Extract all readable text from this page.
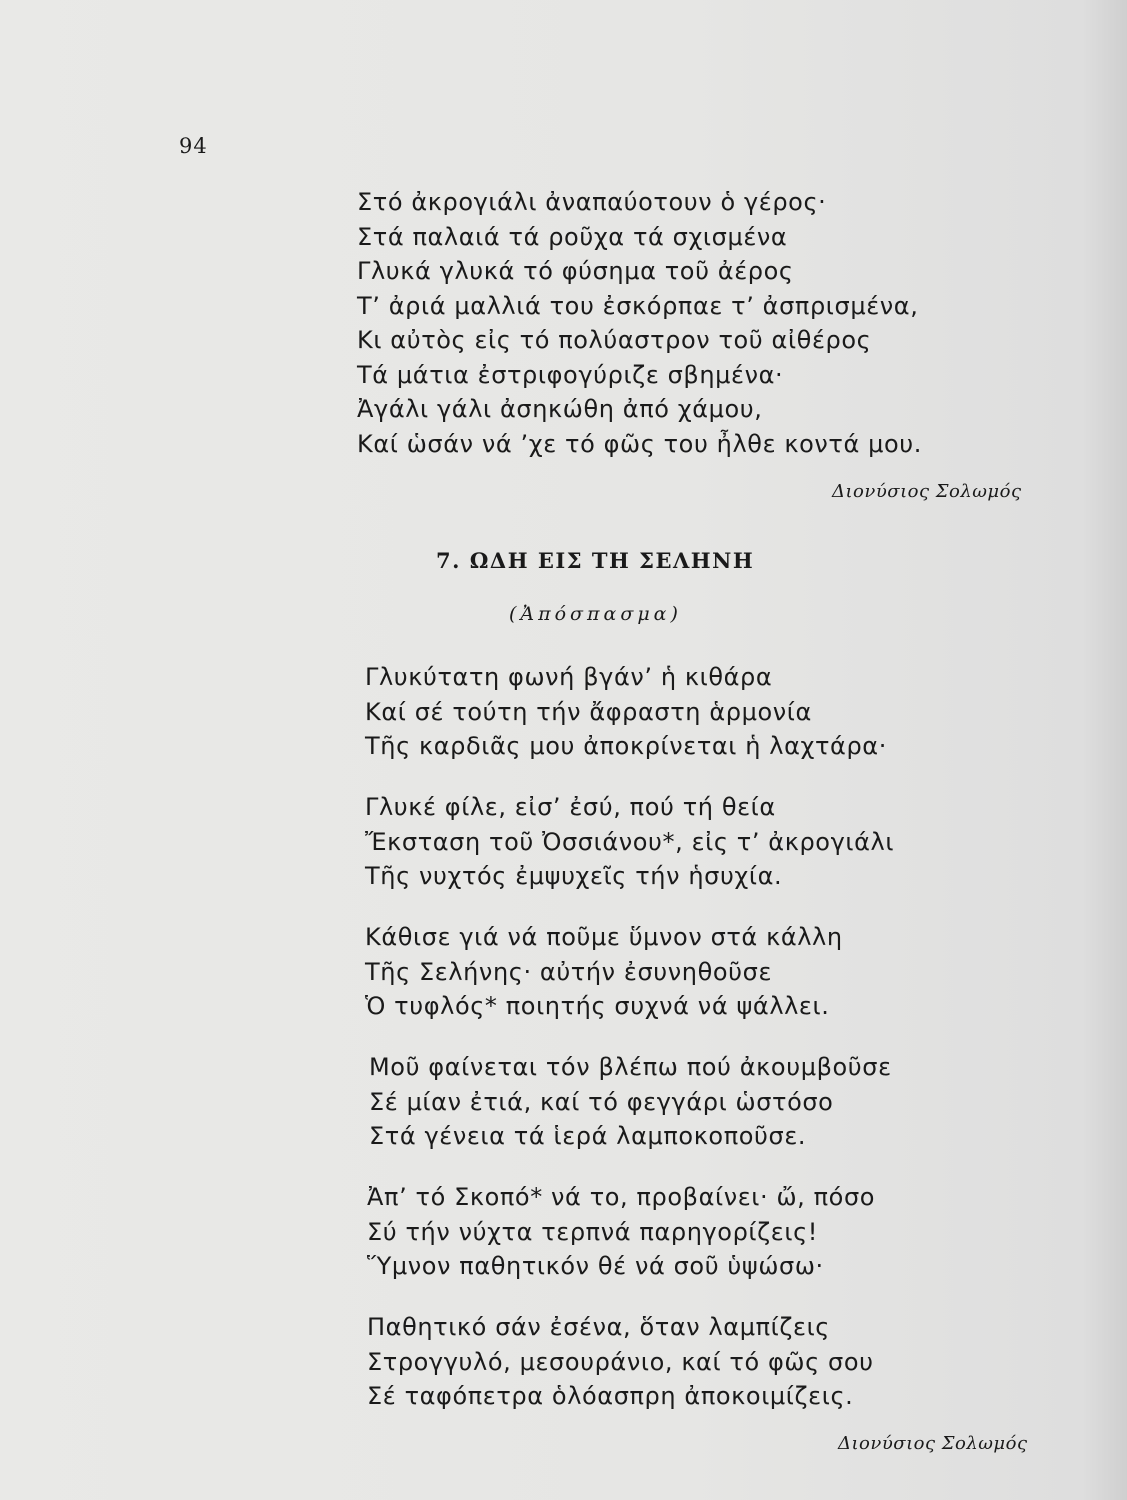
94
Στό ἀκρογιάλι ἀναπαύοτουν ὁ γέρος·
Στά παλαιά τά ροῦχα τά σχισμένα
Γλυκά γλυκά τό φύσημα τοῦ ἀέρος
Τ’ ἀριά μαλλιά του ἐσκόρπαε τ’ ἀσπρισμένα,
Κι αὐτὸς εἰς τό πολύαστρον τοῦ αἰθέρος
Τά μάτια ἐστριφογύριζε σβημένα·
Ἀγάλι γάλι ἀσηκώθη ἀπό χάμου,
Καί ὡσάν νά ’χε τό φῶς του ἦλθε κοντά μου.
Διονύσιος Σολωμός
7. ΩΔΗ ΕΙΣ ΤΗ ΣΕΛΗΝΗ
(Ἀπόσπασμα)
Γλυκύτατη φωνή βγάν’ ἡ κιθάρα
Καί σέ τούτη τήν ἄφραστη ἁρμονία
Τῆς καρδιᾶς μου ἀποκρίνεται ἡ λαχτάρα·
Γλυκέ φίλε, εἰσ’ ἐσύ, πού τή θεία
Ἔκσταση τοῦ Ὀσσιάνου*, εἰς τ’ ἀκρογιάλι
Τῆς νυχτός ἐμψυχεῖς τήν ἡσυχία.
Κάθισε γιά νά ποῦμε ὕμνον στά κάλλη
Τῆς Σελήνης· αὐτήν ἐσυνηθοῦσε
Ὁ τυφλός* ποιητής συχνά νά ψάλλει.
Μοῦ φαίνεται τόν βλέπω πού ἀκουμβοῦσε
Σέ μίαν ἐτιά, καί τό φεγγάρι ὡστόσο
Στά γένεια τά ἱερά λαμποκοποῦσε.
Ἀπ’ τό Σκοπό* νά το, προβαίνει· ὤ, πόσο
Σύ τήν νύχτα τερπνά παρηγορίζεις!
Ὕμνον παθητικόν θέ νά σοῦ ὑψώσω·
Παθητικό σάν ἐσένα, ὅταν λαμπίζεις
Στρογγυλό, μεσουράνιο, καί τό φῶς σου
Σέ ταφόπετρα ὁλόασπρη ἀποκοιμίζεις.
Διονύσιος Σολωμός
